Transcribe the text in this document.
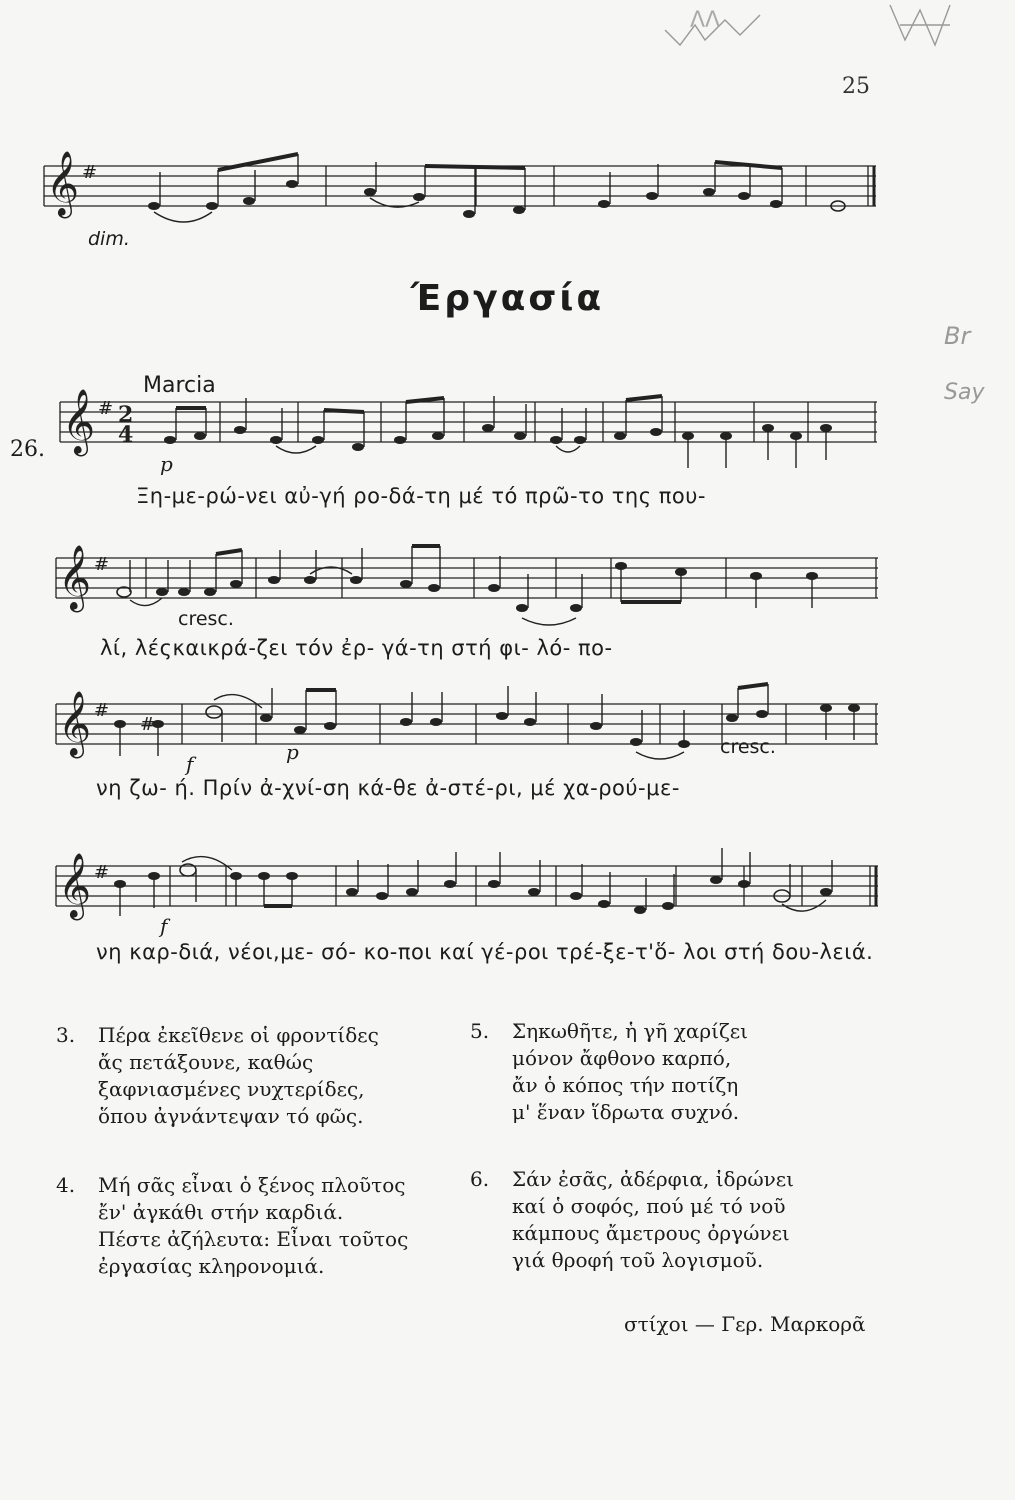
25
ΛΛ
Br
Say
𝄞 #
dim.
Έργασία
26.
Marcia
𝄞 # 2
4
p
Ξη-με-ρώ-νει αὐ-γή ρο-δά-τη μέ τό πρῶ-το της που-
𝄞 #
cresc.
λί, λέςκαικρά-ζει τόν ἐρ- γά-τη στή φι- λό- πο-
#
𝄞 #
f	p	cresc.
νη ζω- ή. Πρίν ἀ-χνί-ση κά-θε ἀ-στέ-ρι, μέ χα-ρού-με-
𝄞 #
f
νη καρ-διά, νέοι,με- σό- κο-ποι καί γέ-ροι τρέ-ξε-τ'ὅ- λοι στή δου-λειά.
3. Πέρα ἐκεῖθενε οἱ φροντίδες
ἄς πετάξουνε, καθώς
ξαφνιασμένες νυχτερίδες,
ὅπου ἀγνάντεψαν τό φῶς.
5. Σηκωθῆτε, ἡ γῆ χαρίζει
μόνον ἄφθονο καρπό,
ἄν ὁ κόπος τήν ποτίζη
μ' ἕναν ἵδρωτα συχνό.
4. Μή σᾶς εἶναι ὁ ξένος πλοῦτος
ἔν' ἀγκάθι στήν καρδιά.
Πέστε ἀζήλευτα: Εἶναι τοῦτος
ἐργασίας κληρονομιά.
6. Σάν ἐσᾶς, ἀδέρφια, ἱδρώνει
καί ὁ σοφός, πού μέ τό νοῦ
κάμπους ἄμετρους ὀργώνει
γιά θροφή τοῦ λογισμοῦ.
στίχοι — Γερ. Μαρκορᾶ
